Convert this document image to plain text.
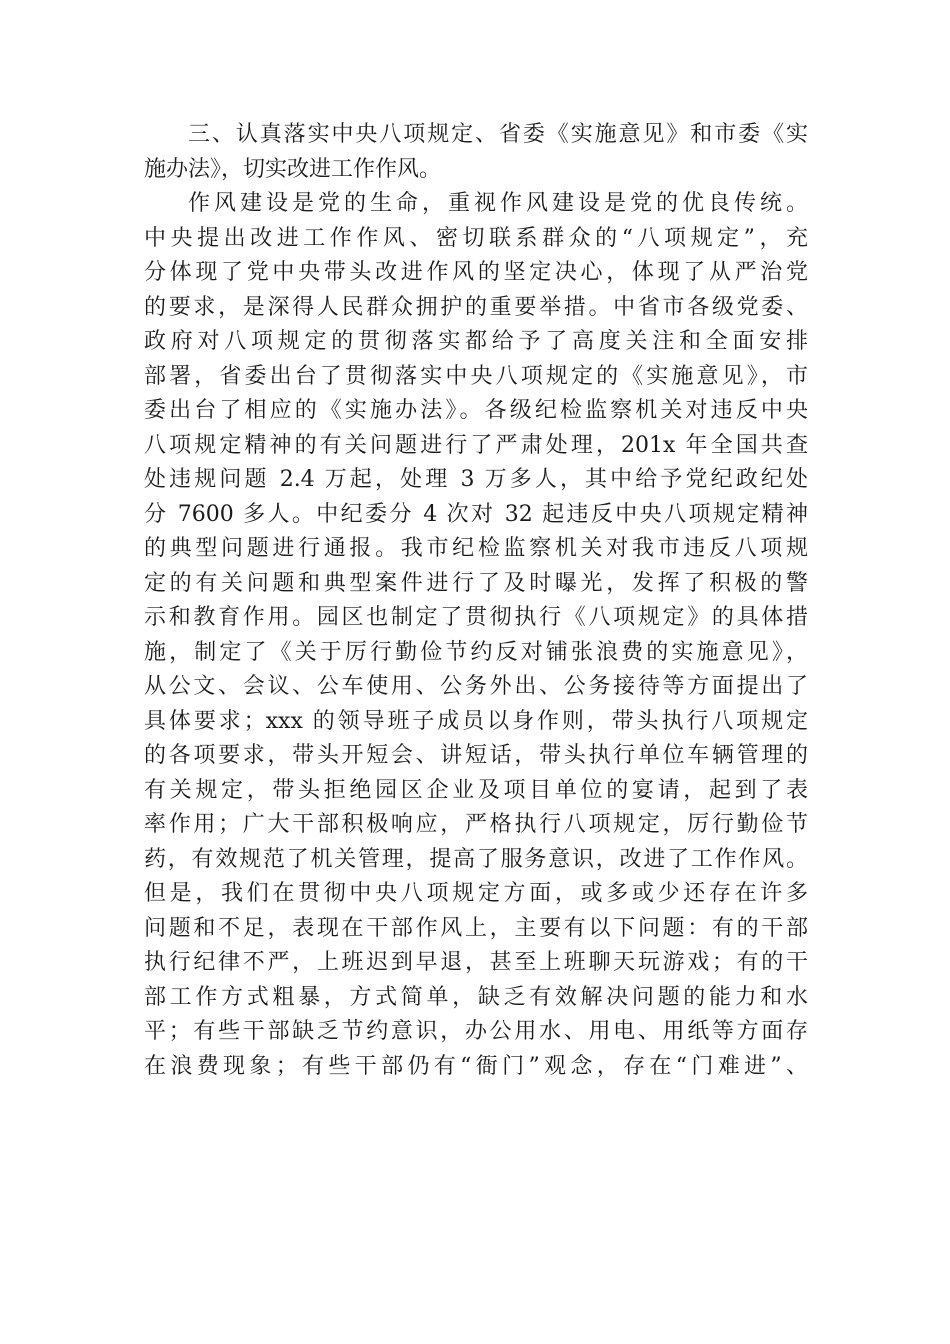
三、认真落实中央八项规定、省委《实施意见》和市委《实
施办法》，切实改进工作作风。
作风建设是党的生命，重视作风建设是党的优良传统。
中央提出改进工作作风、密切联系群众的“八项规定”，充
分体现了党中央带头改进作风的坚定决心，体现了从严治党
的要求，是深得人民群众拥护的重要举措。中省市各级党委、
政府对八项规定的贯彻落实都给予了高度关注和全面安排
部署，省委出台了贯彻落实中央八项规定的《实施意见》，市
委出台了相应的《实施办法》。各级纪检监察机关对违反中央
八项规定精神的有关问题进行了严肃处理，201x 年全国共查
处违规问题 2.4 万起，处理 3 万多人，其中给予党纪政纪处
分 7600 多人。中纪委分 4 次对 32 起违反中央八项规定精神
的典型问题进行通报。我市纪检监察机关对我市违反八项规
定的有关问题和典型案件进行了及时曝光，发挥了积极的警
示和教育作用。园区也制定了贯彻执行《八项规定》的具体措
施，制定了《关于厉行勤俭节约反对铺张浪费的实施意见》，
从公文、会议、公车使用、公务外出、公务接待等方面提出了
具体要求；xxx 的领导班子成员以身作则，带头执行八项规定
的各项要求，带头开短会、讲短话，带头执行单位车辆管理的
有关规定，带头拒绝园区企业及项目单位的宴请，起到了表
率作用；广大干部积极响应，严格执行八项规定，厉行勤俭节
药，有效规范了机关管理，提高了服务意识，改进了工作作风。
但是，我们在贯彻中央八项规定方面，或多或少还存在许多
问题和不足，表现在干部作风上，主要有以下问题：有的干部
执行纪律不严，上班迟到早退，甚至上班聊天玩游戏；有的干
部工作方式粗暴，方式简单，缺乏有效解决问题的能力和水
平；有些干部缺乏节约意识，办公用水、用电、用纸等方面存
在浪费现象；有些干部仍有“衙门”观念，存在“门难进”、
